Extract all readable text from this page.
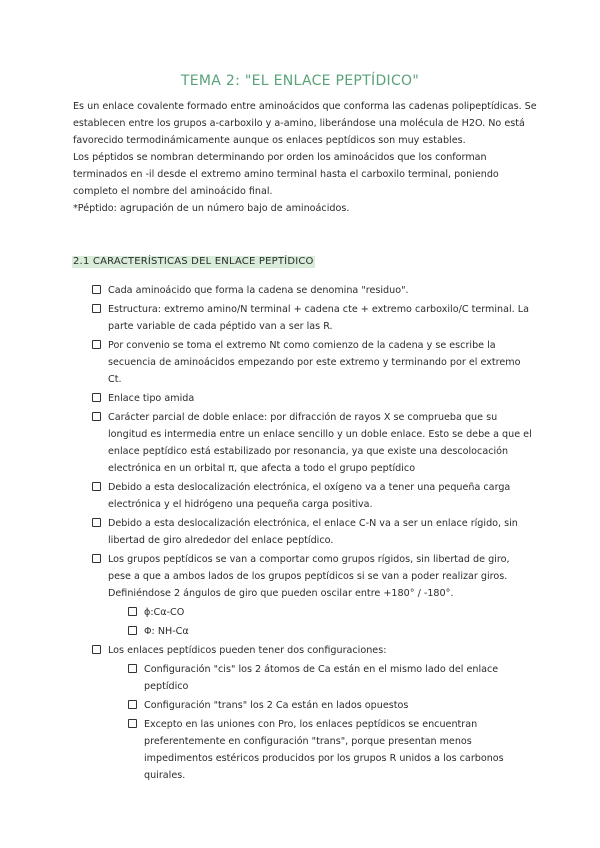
TEMA 2: "EL ENLACE PEPTÍDICO"

Es un enlace covalente formado entre aminoácidos que conforma las cadenas polipeptídicas. Se establecen entre los grupos a-carboxilo y a-amino, liberándose una molécula de H2O. No está favorecido termodinámicamente aunque os enlaces peptídicos son muy estables.

Los péptidos se nombran determinando por orden los aminoácidos que los conforman terminados en -il desde el extremo amino terminal hasta el carboxilo terminal, poniendo completo el nombre del aminoácido final.

*Péptido: agrupación de un número bajo de aminoácidos.

2.1 CARACTERÍSTICAS DEL ENLACE PEPTÍDICO
Cada aminoácido que forma la cadena se denomina "residuo".
Estructura: extremo amino/N terminal + cadena cte + extremo carboxilo/C terminal. La parte variable de cada péptido van a ser las R.
Por convenio se toma el extremo Nt como comienzo de la cadena y se escribe la secuencia de aminoácidos empezando por este extremo y terminando por el extremo Ct.
Enlace tipo amida
Carácter parcial de doble enlace: por difracción de rayos X se comprueba que su longitud es intermedia entre un enlace sencillo y un doble enlace. Esto se debe a que el enlace peptídico está estabilizado por resonancia, ya que existe una descolocación electrónica en un orbital π, que afecta a todo el grupo peptídico
Debido a esta deslocalización electrónica, el oxígeno va a tener una pequeña carga electrónica y el hidrógeno una pequeña carga positiva.
Debido a esta deslocalización electrónica, el enlace C-N va a ser un enlace rígido, sin libertad de giro alrededor del enlace peptídico.
Los grupos peptídicos se van a comportar como grupos rígidos, sin libertad de giro, pese a que a ambos lados de los grupos peptídicos si se van a poder realizar giros. Definiéndose 2 ángulos de giro que pueden oscilar entre +180° / -180°.
ϕ:Cα-CO
Φ: NH-Cα
Los enlaces peptídicos pueden tener dos configuraciones:
Configuración "cis" los 2 átomos de Ca están en el mismo lado del enlace peptídico
Configuración "trans" los 2 Ca están en lados opuestos
Excepto en las uniones con Pro, los enlaces peptídicos se encuentran preferentemente en configuración "trans", porque presentan menos impedimentos estéricos producidos por los grupos R unidos a los carbonos quirales.
